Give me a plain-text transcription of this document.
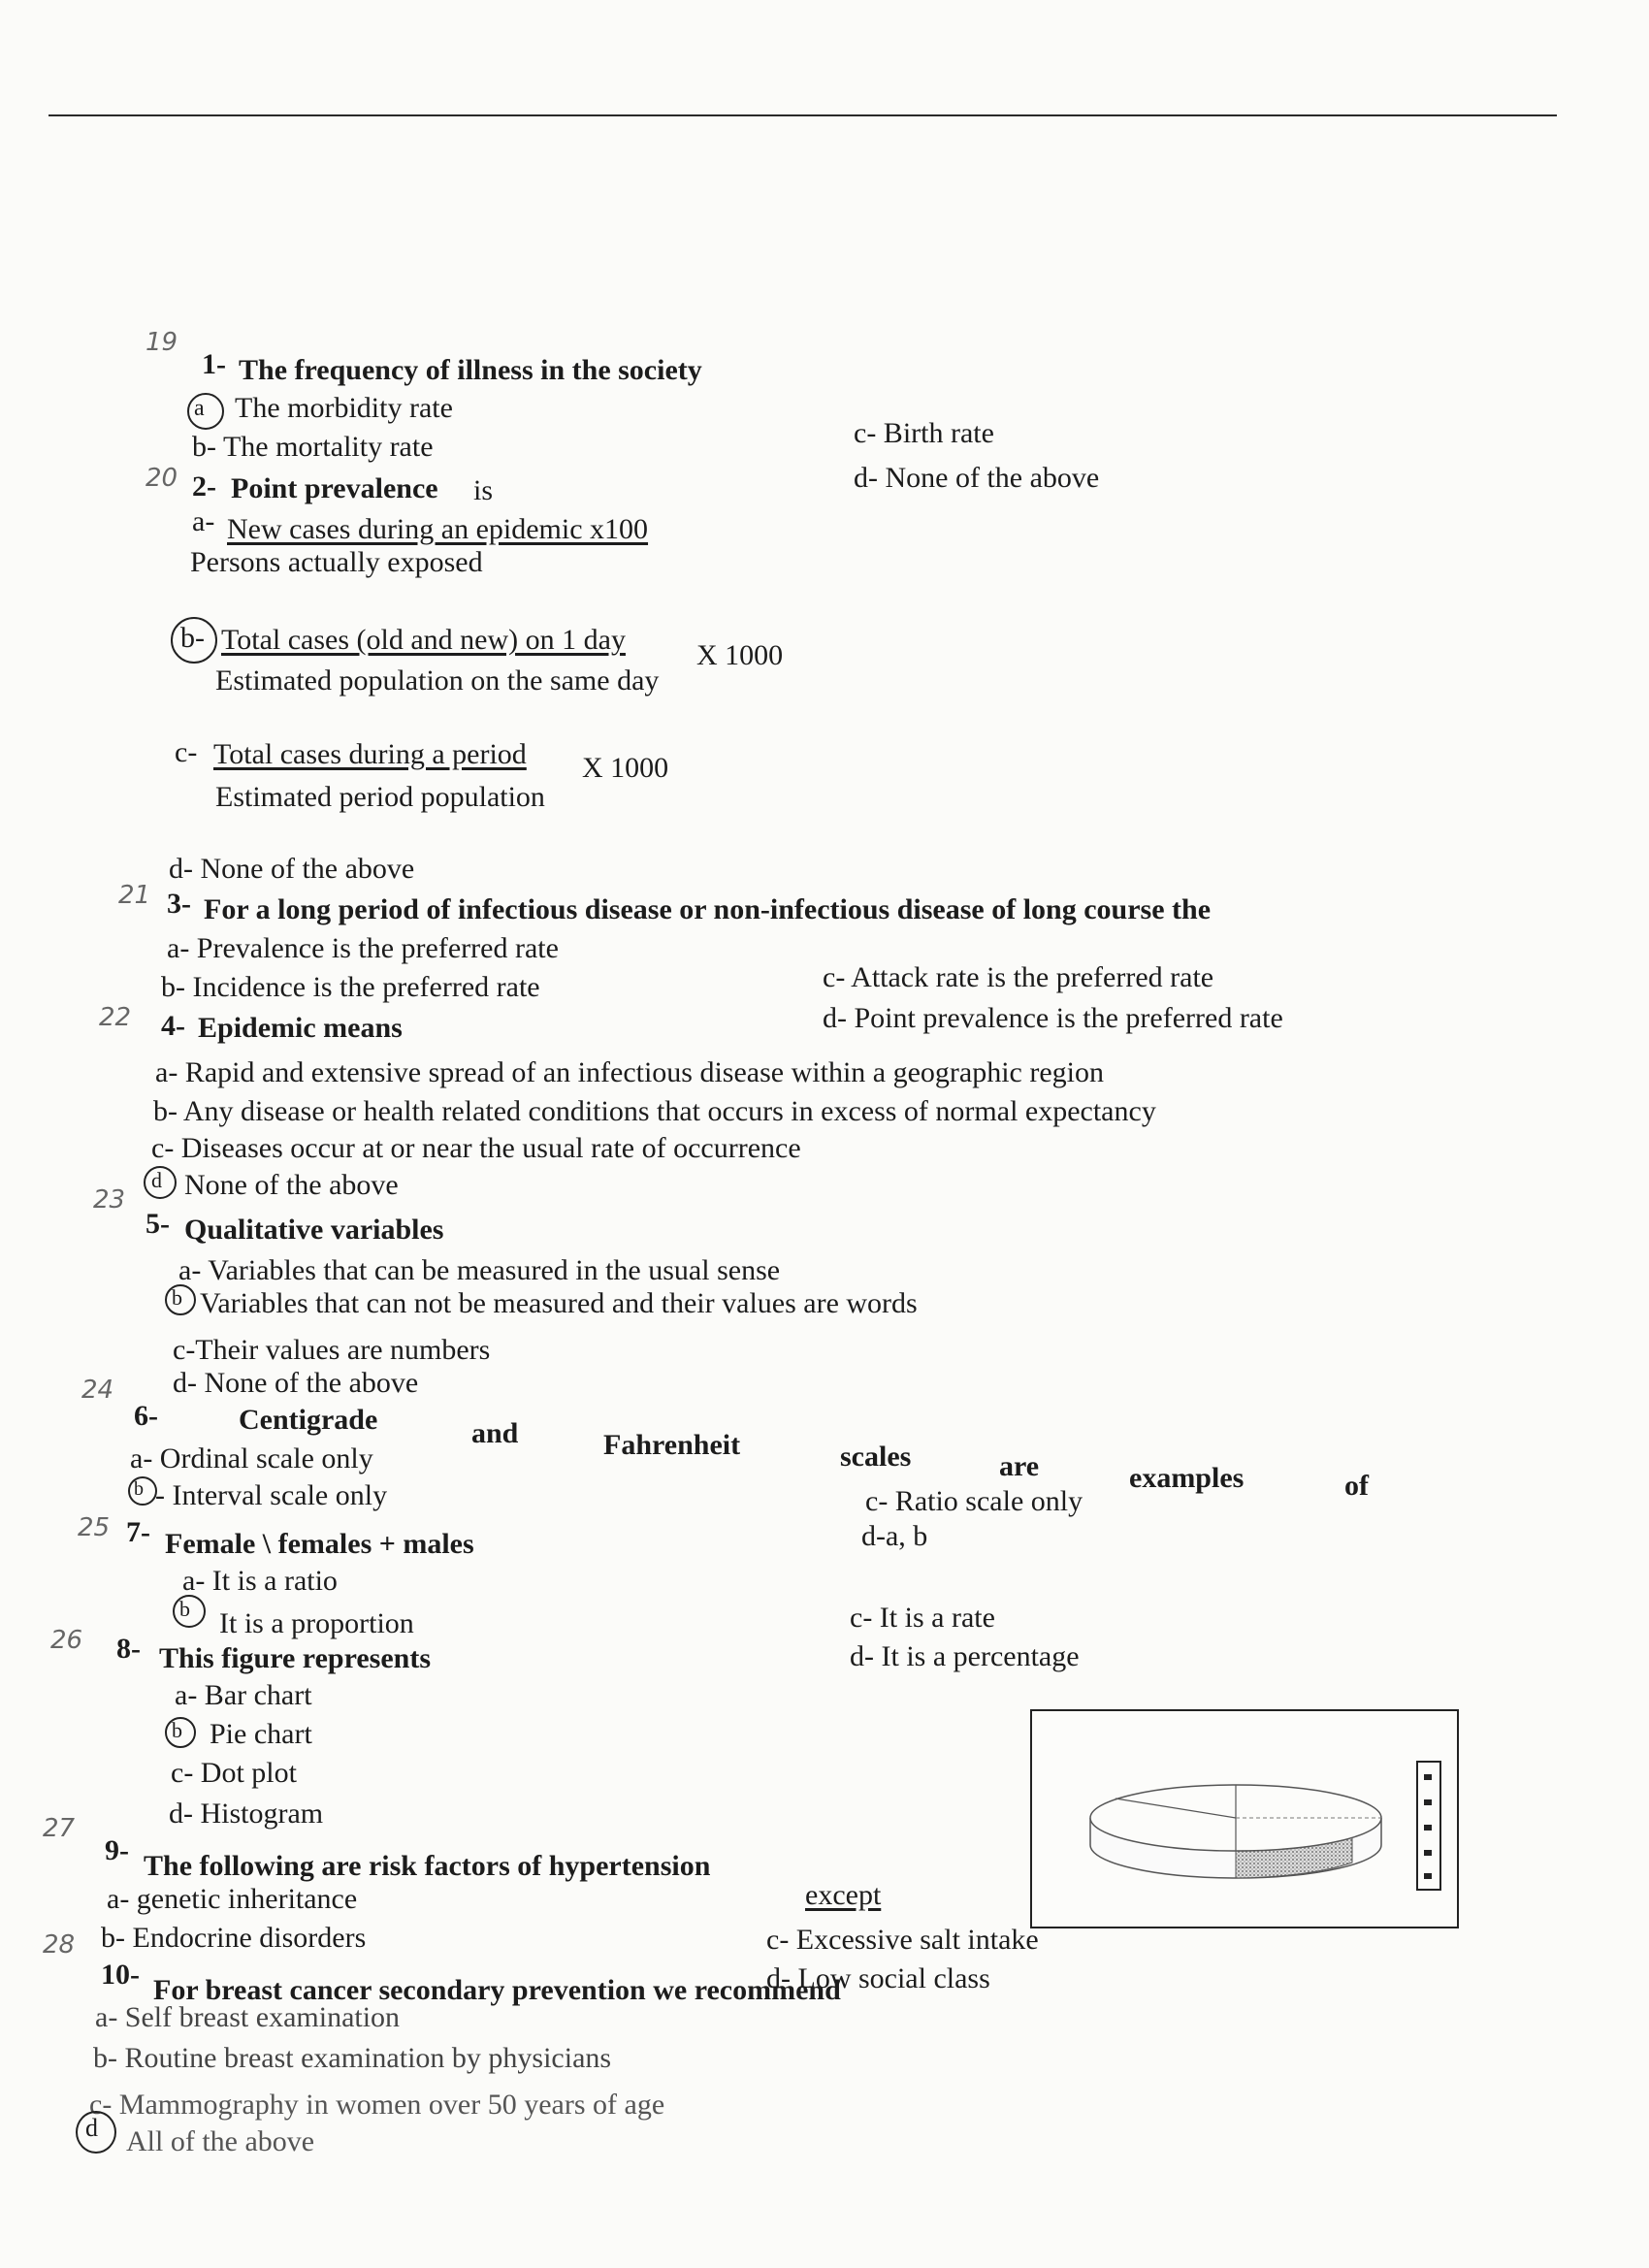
19
1- The frequency of illness in the society
a The morbidity rate
b- The mortality rate	c- Birth rate
d- None of the above
20 2- Point prevalence is
a- New cases during an epidemic x100
Persons actually exposed
b- Total cases (old and new) on 1 day X 1000
Estimated population on the same day
c- Total cases during a period X 1000
Estimated period population
d- None of the above
21 3- For a long period of infectious disease or non-infectious disease of long course the
a- Prevalence is the preferred rate
b- Incidence is the preferred rate	c- Attack rate is the preferred rate
d- Point prevalence is the preferred rate
22 4- Epidemic means
a- Rapid and extensive spread of an infectious disease within a geographic region
b- Any disease or health related conditions that occurs in excess of normal expectancy
c- Diseases occur at or near the usual rate of occurrence
d None of the above
23
5- Qualitative variables
a- Variables that can be measured in the usual sense
b Variables that can not be measured and their values are words
c-Their values are numbers
d- None of the above
24
6-	Centigrade	and	Fahrenheit	scales	are	examples	of
a- Ordinal scale only
b - Interval scale only	c- Ratio scale only
d-a, b
25 7- Female \ females + males
a- It is a ratio
b It is a proportion	c- It is a rate
d- It is a percentage
26 8- This figure represents
a- Bar chart
b Pie chart
c- Dot plot
d- Histogram
27
9- The following are risk factors of hypertension
except
a- genetic inheritance
b- Endocrine disorders	c- Excessive salt intake
d- Low social class
28
10- For breast cancer secondary prevention we recommend
a- Self breast examination
b- Routine breast examination by physicians
c- Mammography in women over 50 years of age
d All of the above
